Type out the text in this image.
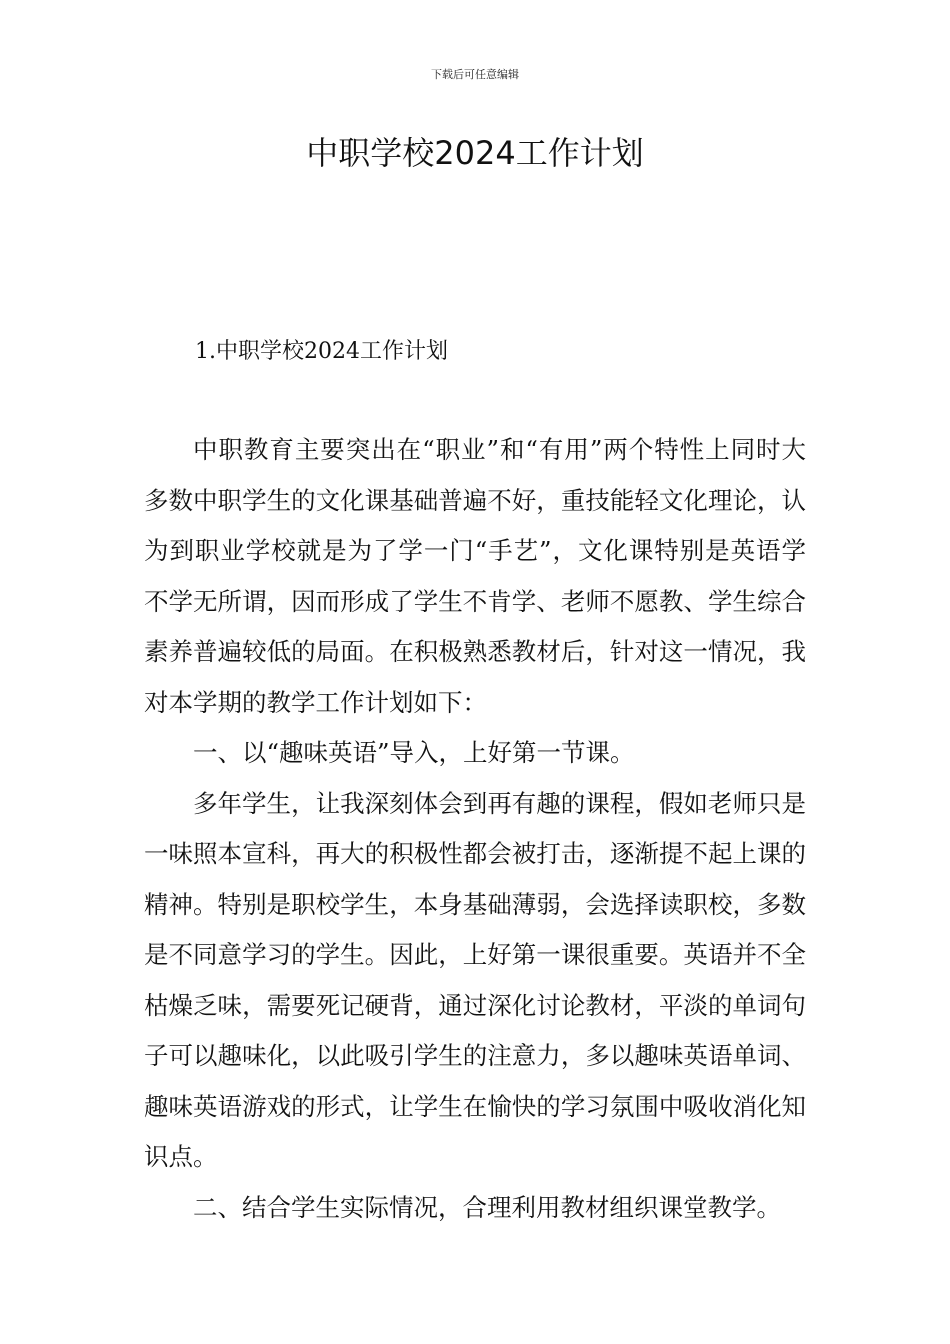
下载后可任意编辑
中职学校2024工作计划
1.中职学校2024工作计划

中职教育主要突出在“职业”和“有用”两个特性上同时大多数中职学生的文化课基础普遍不好，重技能轻文化理论，认为到职业学校就是为了学一门“手艺”，文化课特别是英语学不学无所谓，因而形成了学生不肯学、老师不愿教、学生综合素养普遍较低的局面。在积极熟悉教材后，针对这一情况，我对本学期的教学工作计划如下：

一、以“趣味英语”导入，上好第一节课。

多年学生，让我深刻体会到再有趣的课程，假如老师只是一味照本宣科，再大的积极性都会被打击，逐渐提不起上课的精神。特别是职校学生，本身基础薄弱，会选择读职校，多数是不同意学习的学生。因此，上好第一课很重要。英语并不全枯燥乏味，需要死记硬背，通过深化讨论教材，平淡的单词句子可以趣味化，以此吸引学生的注意力，多以趣味英语单词、趣味英语游戏的形式，让学生在愉快的学习氛围中吸收消化知识点。

二、结合学生实际情况，合理利用教材组织课堂教学。
